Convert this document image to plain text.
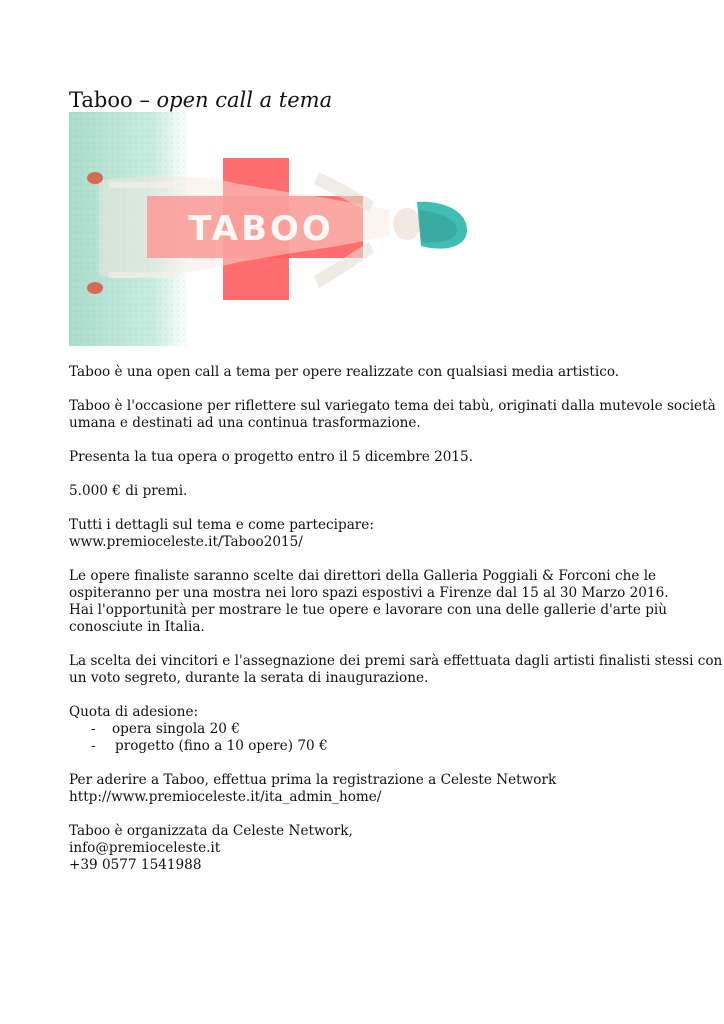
Taboo – open call a tema
TABOO

Taboo è una open call a tema per opere realizzate con qualsiasi media artistico.

Taboo è l'occasione per riflettere sul variegato tema dei tabù, originati dalla mutevole società
umana e destinati ad una continua trasformazione.

Presenta la tua opera o progetto entro il 5 dicembre 2015.

5.000 € di premi.

Tutti i dettagli sul tema e come partecipare:
www.premioceleste.it/Taboo2015/

Le opere finaliste saranno scelte dai direttori della Galleria Poggiali & Forconi che le
ospiteranno per una mostra nei loro spazi espostivi a Firenze dal 15 al 30 Marzo 2016.
Hai l'opportunità per mostrare le tue opere e lavorare con una delle gallerie d'arte più
conosciute in Italia.

La scelta dei vincitori e l'assegnazione dei premi sarà effettuata dagli artisti finalisti stessi con
un voto segreto, durante la serata di inaugurazione.

Quota di adesione:

- opera singola 20 €
- progetto (fino a 10 opere) 70 €

Per aderire a Taboo, effettua prima la registrazione a Celeste Network
http://www.premioceleste.it/ita_admin_home/

Taboo è organizzata da Celeste Network,
info@premioceleste.it
+39 0577 1541988
